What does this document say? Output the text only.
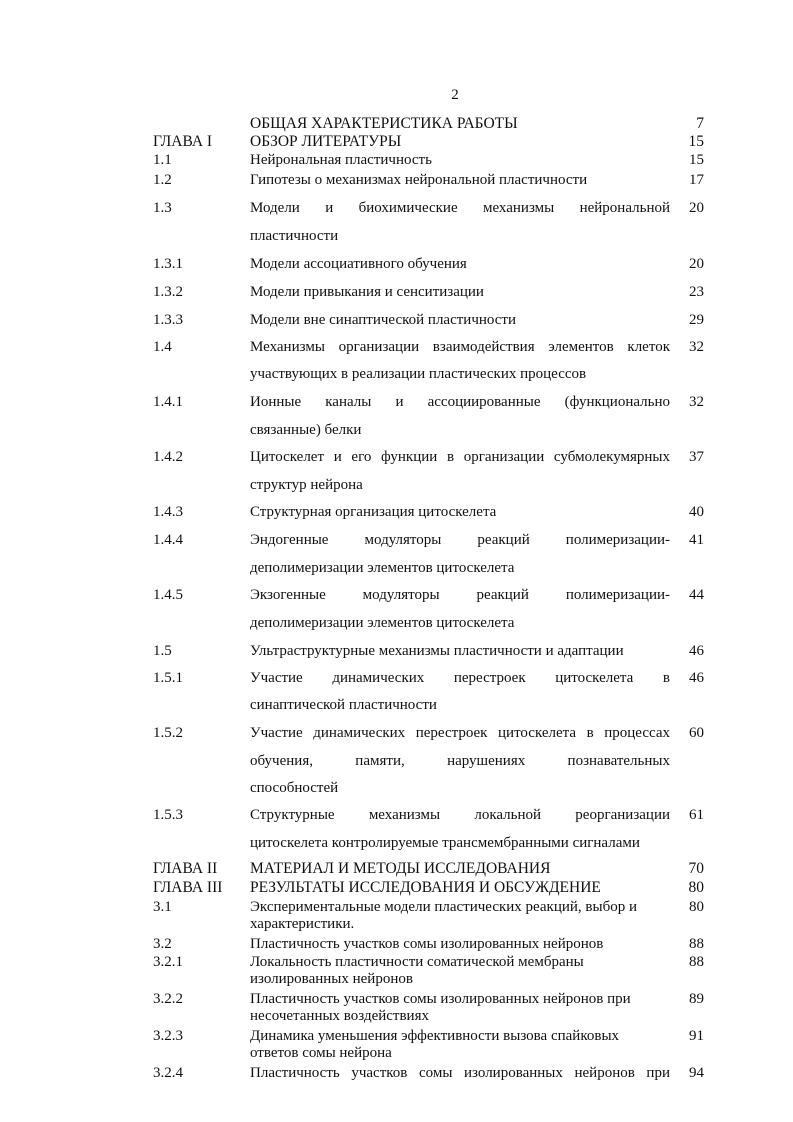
2
ОБЩАЯ ХАРАКТЕРИСТИКА РАБОТЫ	7
ГЛАВА I ОБЗОР ЛИТЕРАТУРЫ	15
1.1	Нейрональная пластичность	15
1.2	Гипотезы о механизмах нейрональной пластичности	17
1.3	Модели и биохимические механизмы нейрональной	20
пластичности
1.3.1	Модели ассоциативного обучения	20
1.3.2	Модели привыкания и сенситизации	23
1.3.3	Модели вне синаптической пластичности	29
1.4	Механизмы организации взаимодействия элементов клеток	32
участвующих в реализации пластических процессов
1.4.1	Ионные каналы и ассоциированные (функционально	32
связанные) белки
1.4.2	Цитоскелет и его функции в организации субмолекумярных	37
структур нейрона
1.4.3	Структурная организация цитоскелета	40
1.4.4	Эндогенные модуляторы реакций полимеризации-	41
деполимеризации элементов цитоскелета
1.4.5	Экзогенные модуляторы реакций полимеризации-	44
деполимеризации элементов цитоскелета
1.5	Ультраструктурные механизмы пластичности и адаптации	46
1.5.1	Участие динамических перестроек цитоскелета в	46
синаптической пластичности
1.5.2	Участие динамических перестроек цитоскелета в процессах	60
обучения, памяти, нарушениях познавательных
способностей
1.5.3	Структурные механизмы локальной реорганизации	61
цитоскелета контролируемые трансмембранными сигналами
ГЛАВА II МАТЕРИАЛ И МЕТОДЫ ИССЛЕДОВАНИЯ	70
ГЛАВА III РЕЗУЛЬТАТЫ ИССЛЕДОВАНИЯ И ОБСУЖДЕНИЕ	80
3.1	Экспериментальные модели пластических реакций, выбор и	80
характеристики.
3.2	Пластичность участков сомы изолированных нейронов	88
3.2.1	Локальность пластичности соматической мембраны	88
изолированных нейронов
3.2.2	Пластичность участков сомы изолированных нейронов при	89
несочетанных воздействиях
3.2.3	Динамика уменьшения эффективности вызова спайковых	91
ответов сомы нейрона
3.2.4	Пластичность участков сомы изолированных нейронов при	94
